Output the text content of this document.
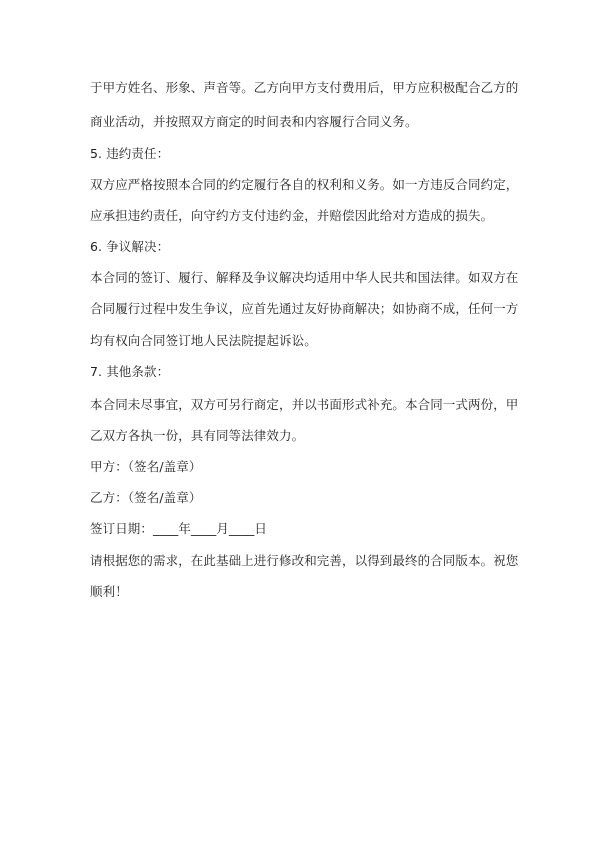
于甲方姓名、形象、声音等。乙方向甲方支付费用后，甲方应积极配合乙方的
商业活动，并按照双方商定的时间表和内容履行合同义务。
5. 违约责任：
双方应严格按照本合同的约定履行各自的权利和义务。如一方违反合同约定，
应承担违约责任，向守约方支付违约金，并赔偿因此给对方造成的损失。
6. 争议解决：
本合同的签订、履行、解释及争议解决均适用中华人民共和国法律。如双方在
合同履行过程中发生争议，应首先通过友好协商解决；如协商不成，任何一方
均有权向合同签订地人民法院提起诉讼。
7. 其他条款：
本合同未尽事宜，双方可另行商定，并以书面形式补充。本合同一式两份，甲
乙双方各执一份，具有同等法律效力。
甲方：（签名/盖章）
乙方：（签名/盖章）
签订日期：____年____月____日
请根据您的需求，在此基础上进行修改和完善，以得到最终的合同版本。祝您
顺利！
